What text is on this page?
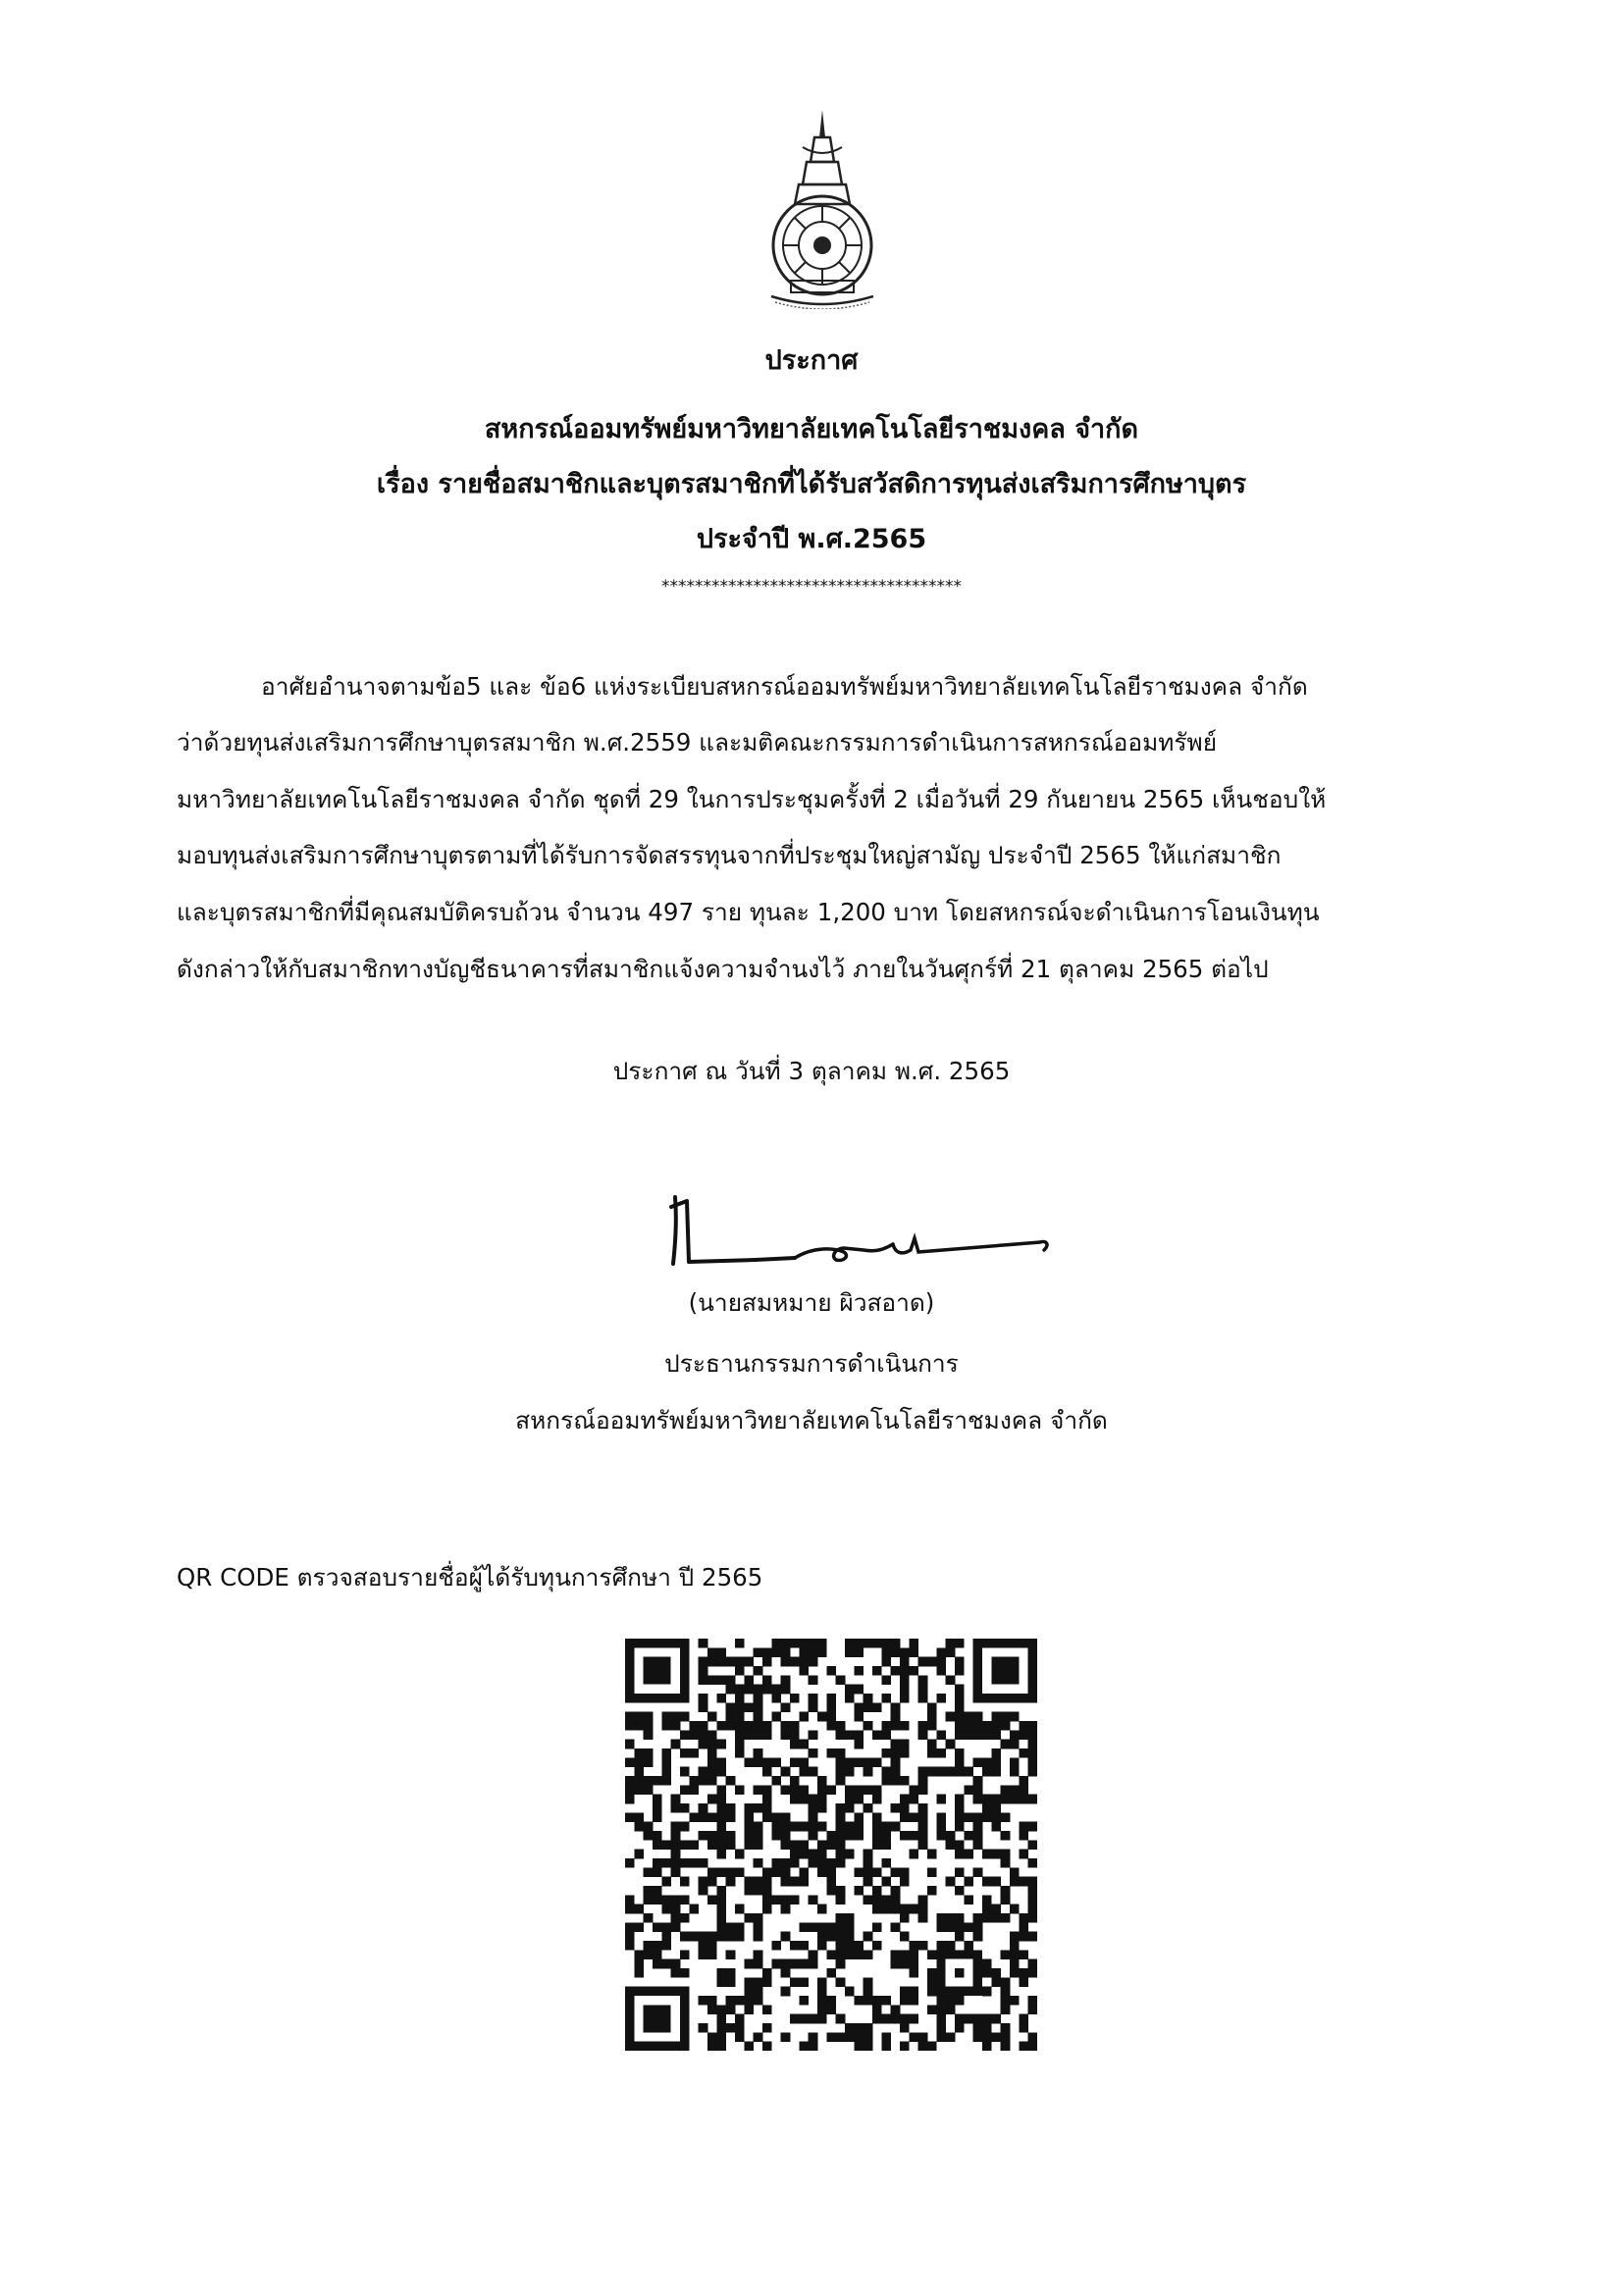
ประกาศ
สหกรณ์ออมทรัพย์มหาวิทยาลัยเทคโนโลยีราชมงคล จำกัด
เรื่อง รายชื่อสมาชิกและบุตรสมาชิกที่ได้รับสวัสดิการทุนส่งเสริมการศึกษาบุตร
ประจำปี พ.ศ.2565
************************************
อาศัยอำนาจตามข้อ5 และ ข้อ6 แห่งระเบียบสหกรณ์ออมทรัพย์มหาวิทยาลัยเทคโนโลยีราชมงคล จำกัด
ว่าด้วยทุนส่งเสริมการศึกษาบุตรสมาชิก พ.ศ.2559 และมติคณะกรรมการดำเนินการสหกรณ์ออมทรัพย์
มหาวิทยาลัยเทคโนโลยีราชมงคล จำกัด ชุดที่ 29 ในการประชุมครั้งที่ 2 เมื่อวันที่ 29 กันยายน 2565 เห็นชอบให้
มอบทุนส่งเสริมการศึกษาบุตรตามที่ได้รับการจัดสรรทุนจากที่ประชุมใหญ่สามัญ ประจำปี 2565 ให้แก่สมาชิก
และบุตรสมาชิกที่มีคุณสมบัติครบถ้วน จำนวน 497 ราย ทุนละ 1,200 บาท โดยสหกรณ์จะดำเนินการโอนเงินทุน
ดังกล่าวให้กับสมาชิกทางบัญชีธนาคารที่สมาชิกแจ้งความจำนงไว้ ภายในวันศุกร์ที่ 21 ตุลาคม 2565 ต่อไป
ประกาศ ณ วันที่ 3 ตุลาคม พ.ศ. 2565
(นายสมหมาย ผิวสอาด)
ประธานกรรมการดำเนินการ
สหกรณ์ออมทรัพย์มหาวิทยาลัยเทคโนโลยีราชมงคล จำกัด
QR CODE ตรวจสอบรายชื่อผู้ได้รับทุนการศึกษา ปี 2565
